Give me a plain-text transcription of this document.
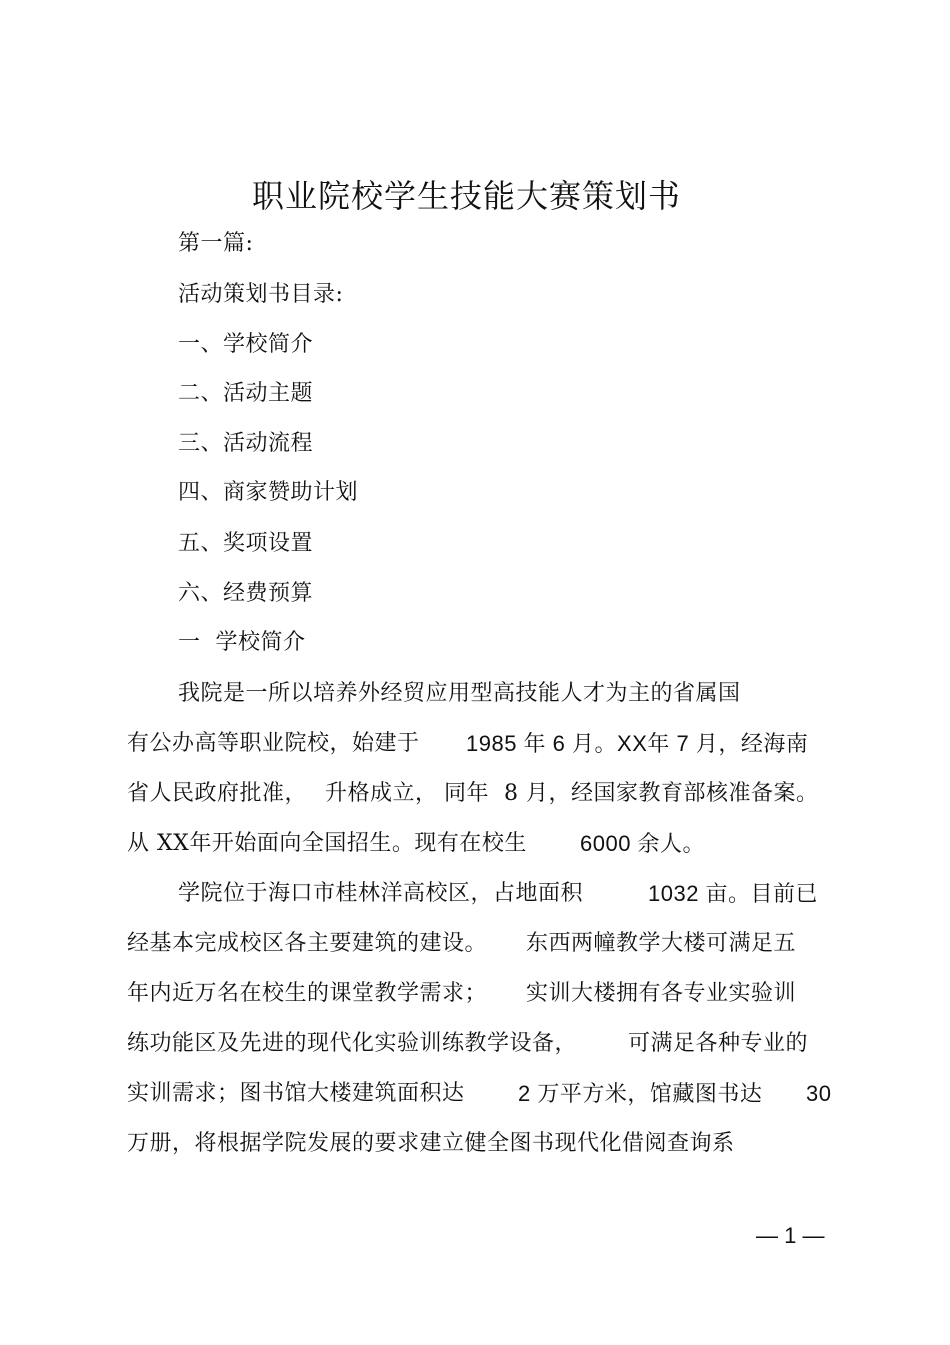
职业院校学生技能大赛策划书
第一篇:
活动策划书目录:
一、学校简介
二、活动主题
三、活动流程
四、商家赞助计划
五、奖项设置
六、经费预算
一  学校简介
我院是一所以培养外经贸应用型高技能人才为主的省属国
有公办高等职业院校，始建于 1985 年 6 月。XX年 7 月，经海南
省人民政府批准， 升格成立， 同年  8 月，经国家教育部核准备案。
从 XX年开始面向全国招生。现有在校生 6000 余人。
学院位于海口市桂林洋高校区，占地面积	1032 亩。目前已
经基本完成校区各主要建筑的建设。 东西两幢教学大楼可满足五
年内近万名在校生的课堂教学需求； 实训大楼拥有各专业实验训
练功能区及先进的现代化实验训练教学设备， 可满足各种专业的
实训需求；图书馆大楼建筑面积达 2 万平方米，馆藏图书达 30
万册，将根据学院发展的要求建立健全图书现代化借阅查询系
— 1 —
